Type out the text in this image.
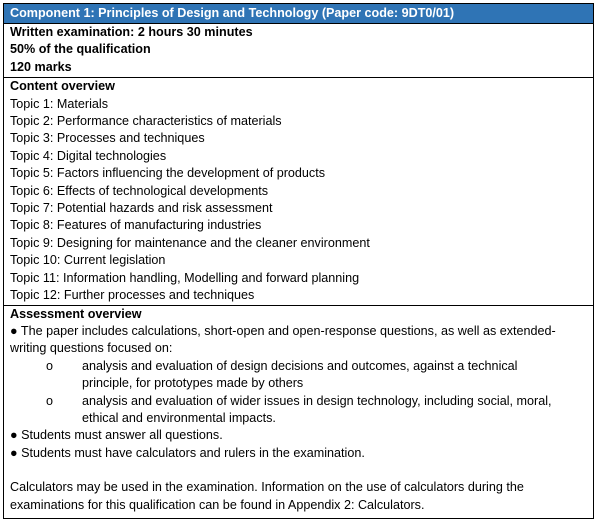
Component 1: Principles of Design and Technology (Paper code: 9DT0/01)
Written examination: 2 hours 30 minutes
50% of the qualification
120 marks
Content overview
Topic 1: Materials
Topic 2: Performance characteristics of materials
Topic 3: Processes and techniques
Topic 4: Digital technologies
Topic 5: Factors influencing the development of products
Topic 6: Effects of technological developments
Topic 7: Potential hazards and risk assessment
Topic 8: Features of manufacturing industries
Topic 9: Designing for maintenance and the cleaner environment
Topic 10: Current legislation
Topic 11: Information handling, Modelling and forward planning
Topic 12: Further processes and techniques
Assessment overview
● The paper includes calculations, short-open and open-response questions, as well as extended-writing questions focused on:
o analysis and evaluation of design decisions and outcomes, against a technical principle, for prototypes made by others
o analysis and evaluation of wider issues in design technology, including social, moral, ethical and environmental impacts.
● Students must answer all questions.
● Students must have calculators and rulers in the examination.
Calculators may be used in the examination. Information on the use of calculators during the examinations for this qualification can be found in Appendix 2: Calculators.
